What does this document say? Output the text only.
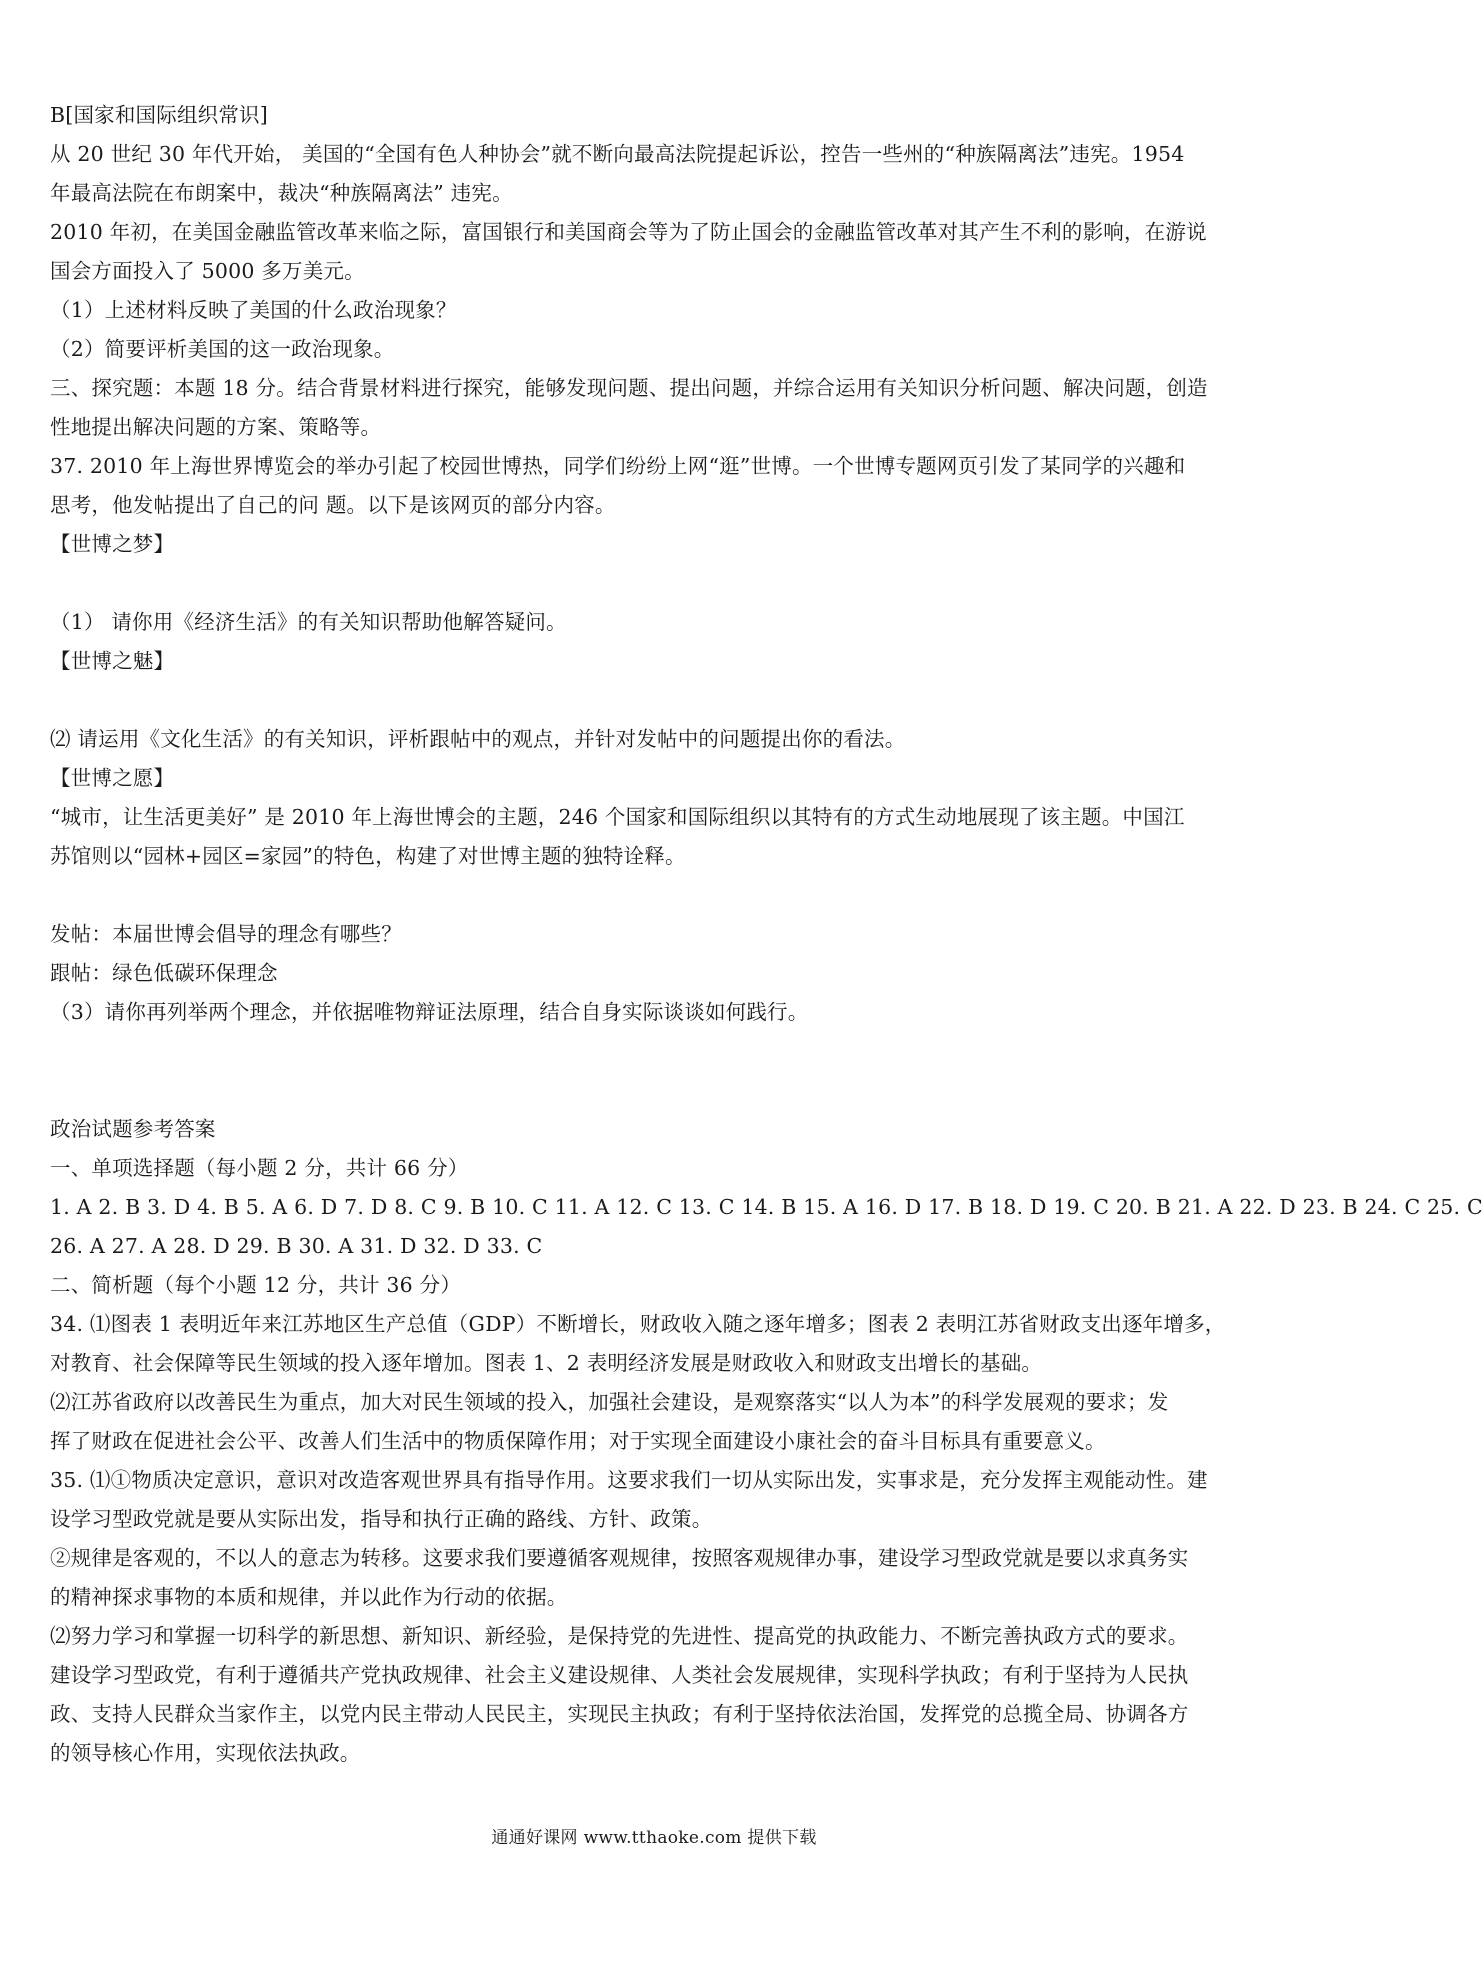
B[国家和国际组织常识]
从 20 世纪 30 年代开始， 美国的“全国有色人种协会”就不断向最高法院提起诉讼，控告一些州的“种族隔离法”违宪。1954
年最高法院在布朗案中，裁决“种族隔离法” 违宪。
2010 年初，在美国金融监管改革来临之际，富国银行和美国商会等为了防止国会的金融监管改革对其产生不利的影响，在游说
国会方面投入了 5000 多万美元。
（1）上述材料反映了美国的什么政治现象？
（2）简要评析美国的这一政治现象。
三、探究题：本题 18 分。结合背景材料进行探究，能够发现问题、提出问题，并综合运用有关知识分析问题、解决问题，创造
性地提出解决问题的方案、策略等。
37. 2010 年上海世界博览会的举办引起了校园世博热，同学们纷纷上网“逛”世博。一个世博专题网页引发了某同学的兴趣和
思考，他发帖提出了自己的问 题。以下是该网页的部分内容。
【世博之梦】
（1） 请你用《经济生活》的有关知识帮助他解答疑问。
【世博之魅】
⑵ 请运用《文化生活》的有关知识，评析跟帖中的观点，并针对发帖中的问题提出你的看法。
【世博之愿】
“城市，让生活更美好” 是 2010 年上海世博会的主题，246 个国家和国际组织以其特有的方式生动地展现了该主题。中国江
苏馆则以“园林+园区=家园”的特色，构建了对世博主题的独特诠释。
发帖：本届世博会倡导的理念有哪些？
跟帖：绿色低碳环保理念
（3）请你再列举两个理念，并依据唯物辩证法原理，结合自身实际谈谈如何践行。
政治试题参考答案
一、单项选择题（每小题 2 分，共计 66 分）
1. A 2. B 3. D 4. B 5. A 6. D 7. D 8. C 9. B 10. C 11. A 12. C 13. C 14. B 15. A 16. D 17. B 18. D 19. C 20. B 21. A 22. D 23. B 24. C 25. C
26. A 27. A 28. D 29. B 30. A 31. D 32. D 33. C
二、简析题（每个小题 12 分，共计 36 分）
34. ⑴图表 1 表明近年来江苏地区生产总值（GDP）不断增长，财政收入随之逐年增多；图表 2 表明江苏省财政支出逐年增多，
对教育、社会保障等民生领域的投入逐年增加。图表 1、2 表明经济发展是财政收入和财政支出增长的基础。
⑵江苏省政府以改善民生为重点，加大对民生领域的投入，加强社会建设，是观察落实“以人为本”的科学发展观的要求；发
挥了财政在促进社会公平、改善人们生活中的物质保障作用；对于实现全面建设小康社会的奋斗目标具有重要意义。
35. ⑴①物质决定意识，意识对改造客观世界具有指导作用。这要求我们一切从实际出发，实事求是，充分发挥主观能动性。建
设学习型政党就是要从实际出发，指导和执行正确的路线、方针、政策。
②规律是客观的，不以人的意志为转移。这要求我们要遵循客观规律，按照客观规律办事，建设学习型政党就是要以求真务实
的精神探求事物的本质和规律，并以此作为行动的依据。
⑵努力学习和掌握一切科学的新思想、新知识、新经验，是保持党的先进性、提高党的执政能力、不断完善执政方式的要求。
建设学习型政党，有利于遵循共产党执政规律、社会主义建设规律、人类社会发展规律，实现科学执政；有利于坚持为人民执
政、支持人民群众当家作主，以党内民主带动人民民主，实现民主执政；有利于坚持依法治国，发挥党的总揽全局、协调各方
的领导核心作用，实现依法执政。
通通好课网 www.tthaoke.com 提供下载
